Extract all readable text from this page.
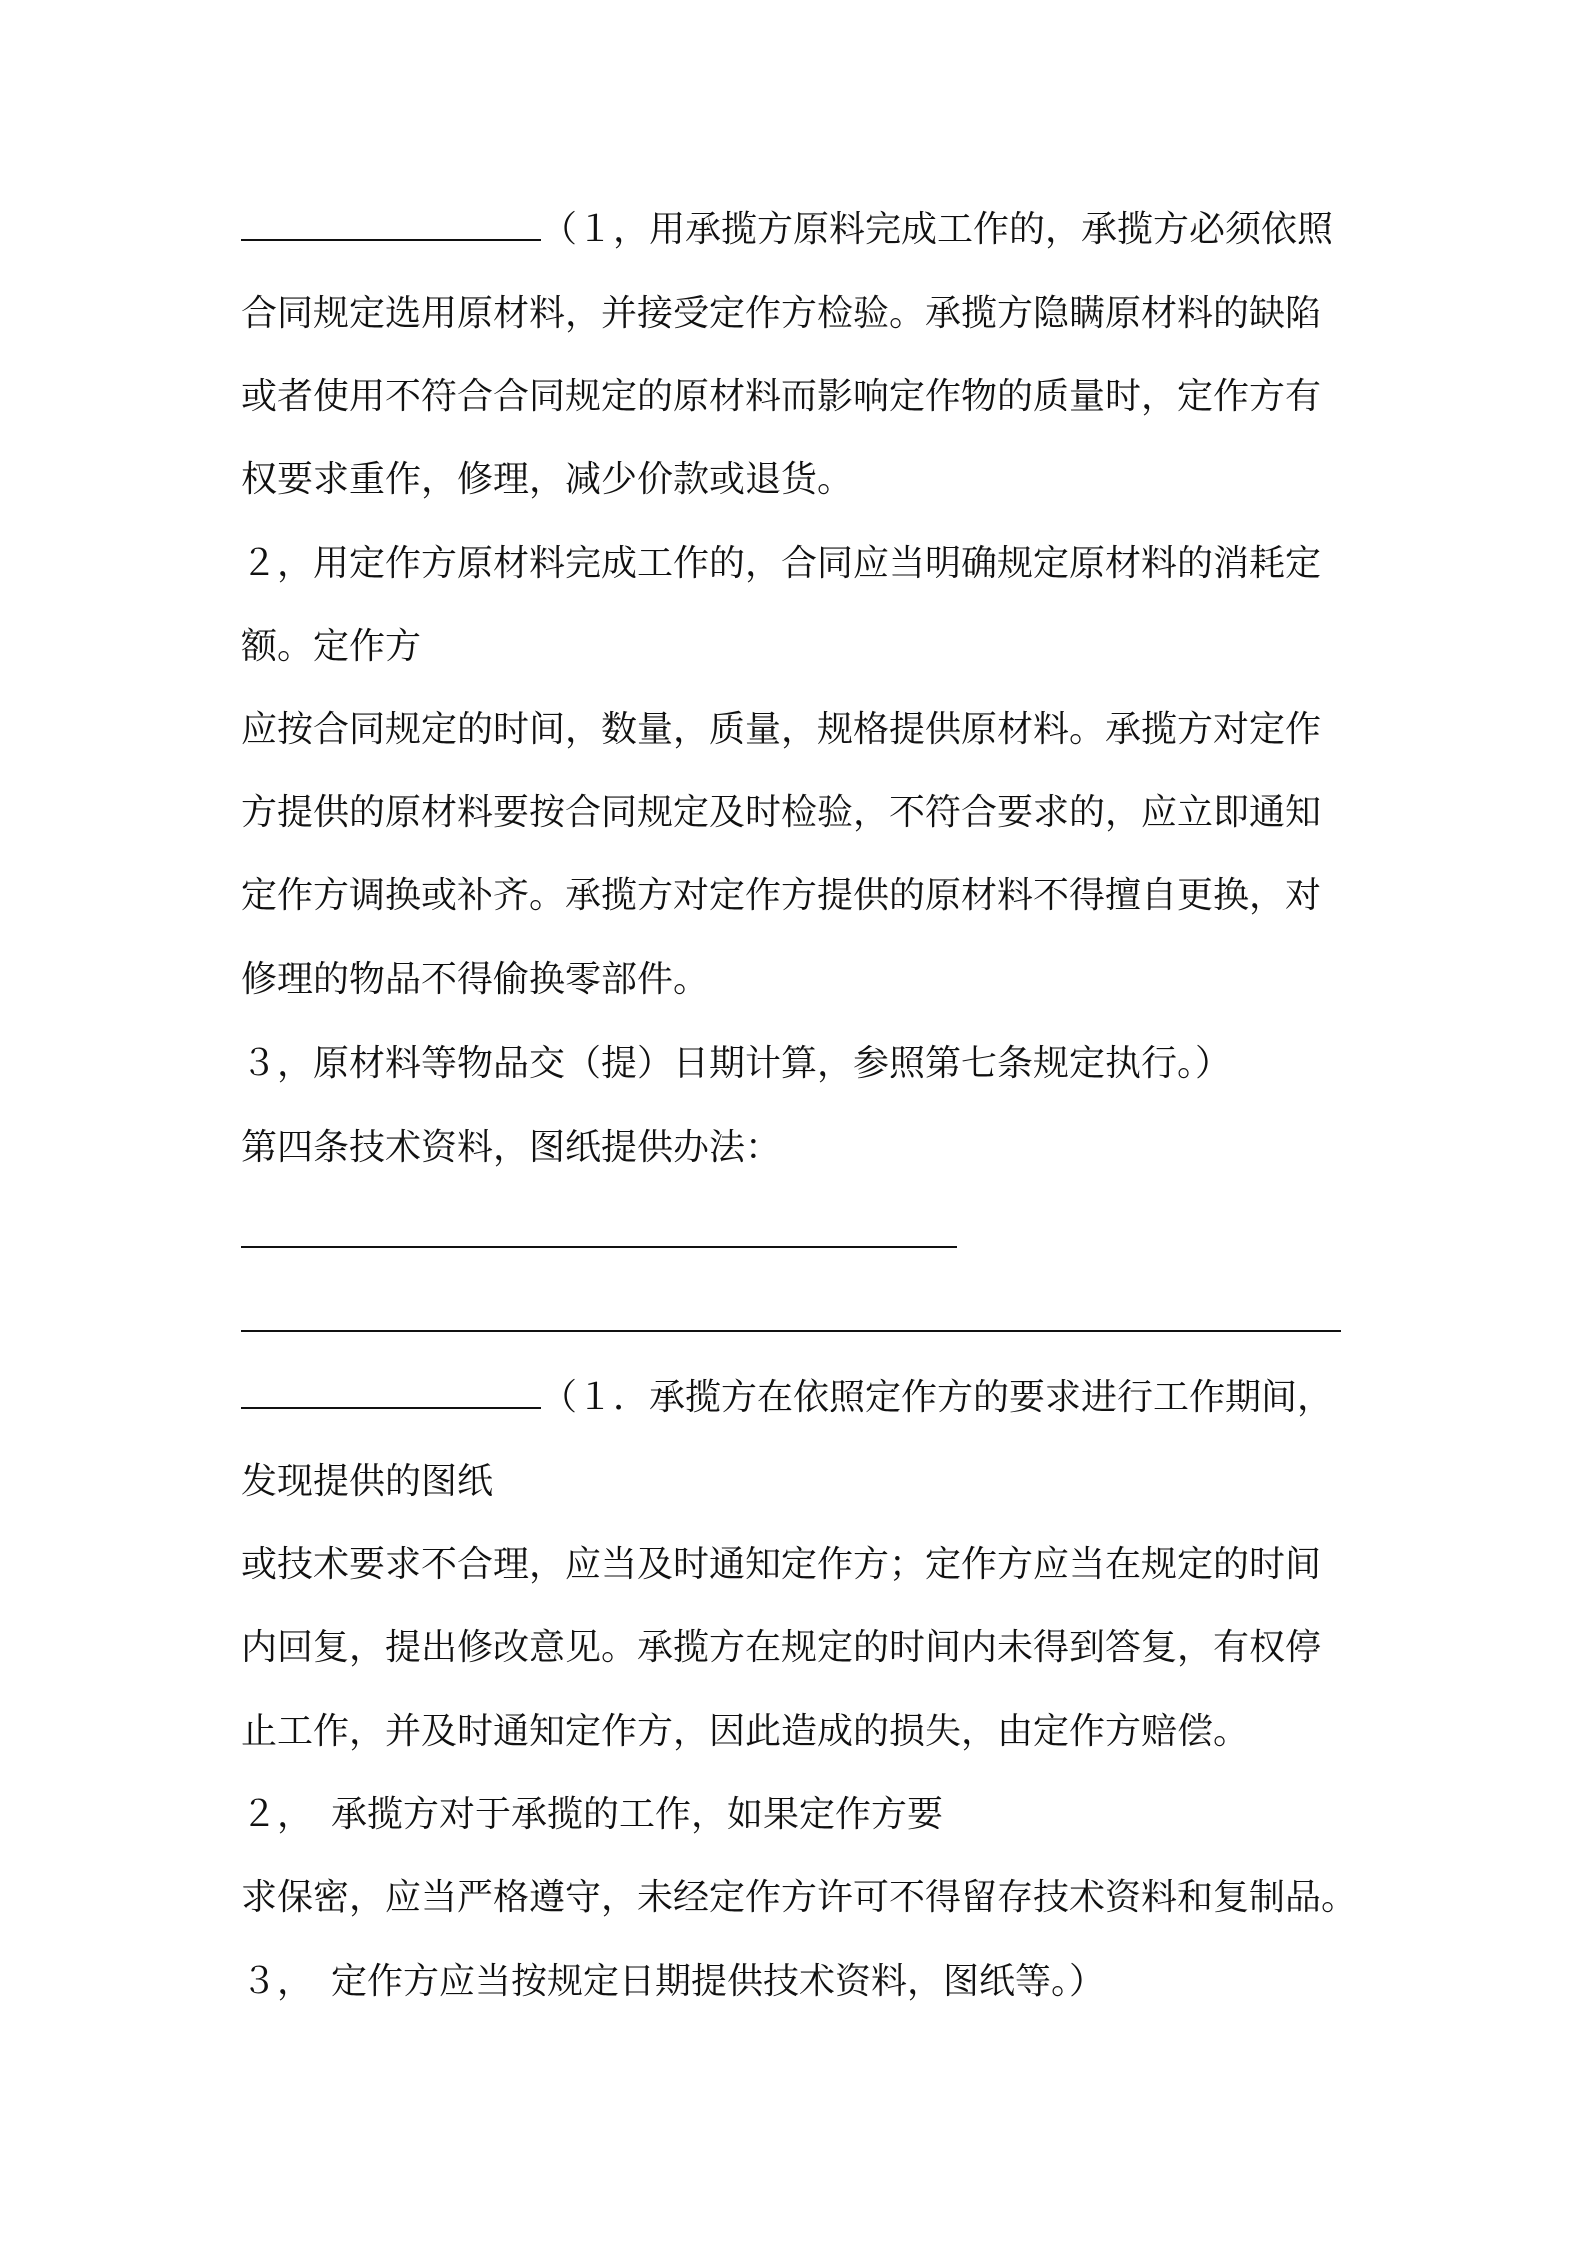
（１，用承揽方原料完成工作的，承揽方必须依照
合同规定选用原材料，并接受定作方检验。承揽方隐瞒原材料的缺陷
或者使用不符合合同规定的原材料而影响定作物的质量时，定作方有
权要求重作，修理，减少价款或退货。
２，用定作方原材料完成工作的，合同应当明确规定原材料的消耗定
额。定作方
应按合同规定的时间，数量，质量，规格提供原材料。承揽方对定作
方提供的原材料要按合同规定及时检验，不符合要求的，应立即通知
定作方调换或补齐。承揽方对定作方提供的原材料不得擅自更换，对
修理的物品不得偷换零部件。
３，原材料等物品交（提）日期计算，参照第七条规定执行。）
第四条技术资料，图纸提供办法：
（１．承揽方在依照定作方的要求进行工作期间，
发现提供的图纸
或技术要求不合理，应当及时通知定作方；定作方应当在规定的时间
内回复，提出修改意见。承揽方在规定的时间内未得到答复，有权停
止工作，并及时通知定作方，因此造成的损失，由定作方赔偿。
２，　承揽方对于承揽的工作，如果定作方要
求保密，应当严格遵守，未经定作方许可不得留存技术资料和复制品。
３，　定作方应当按规定日期提供技术资料，图纸等。）
